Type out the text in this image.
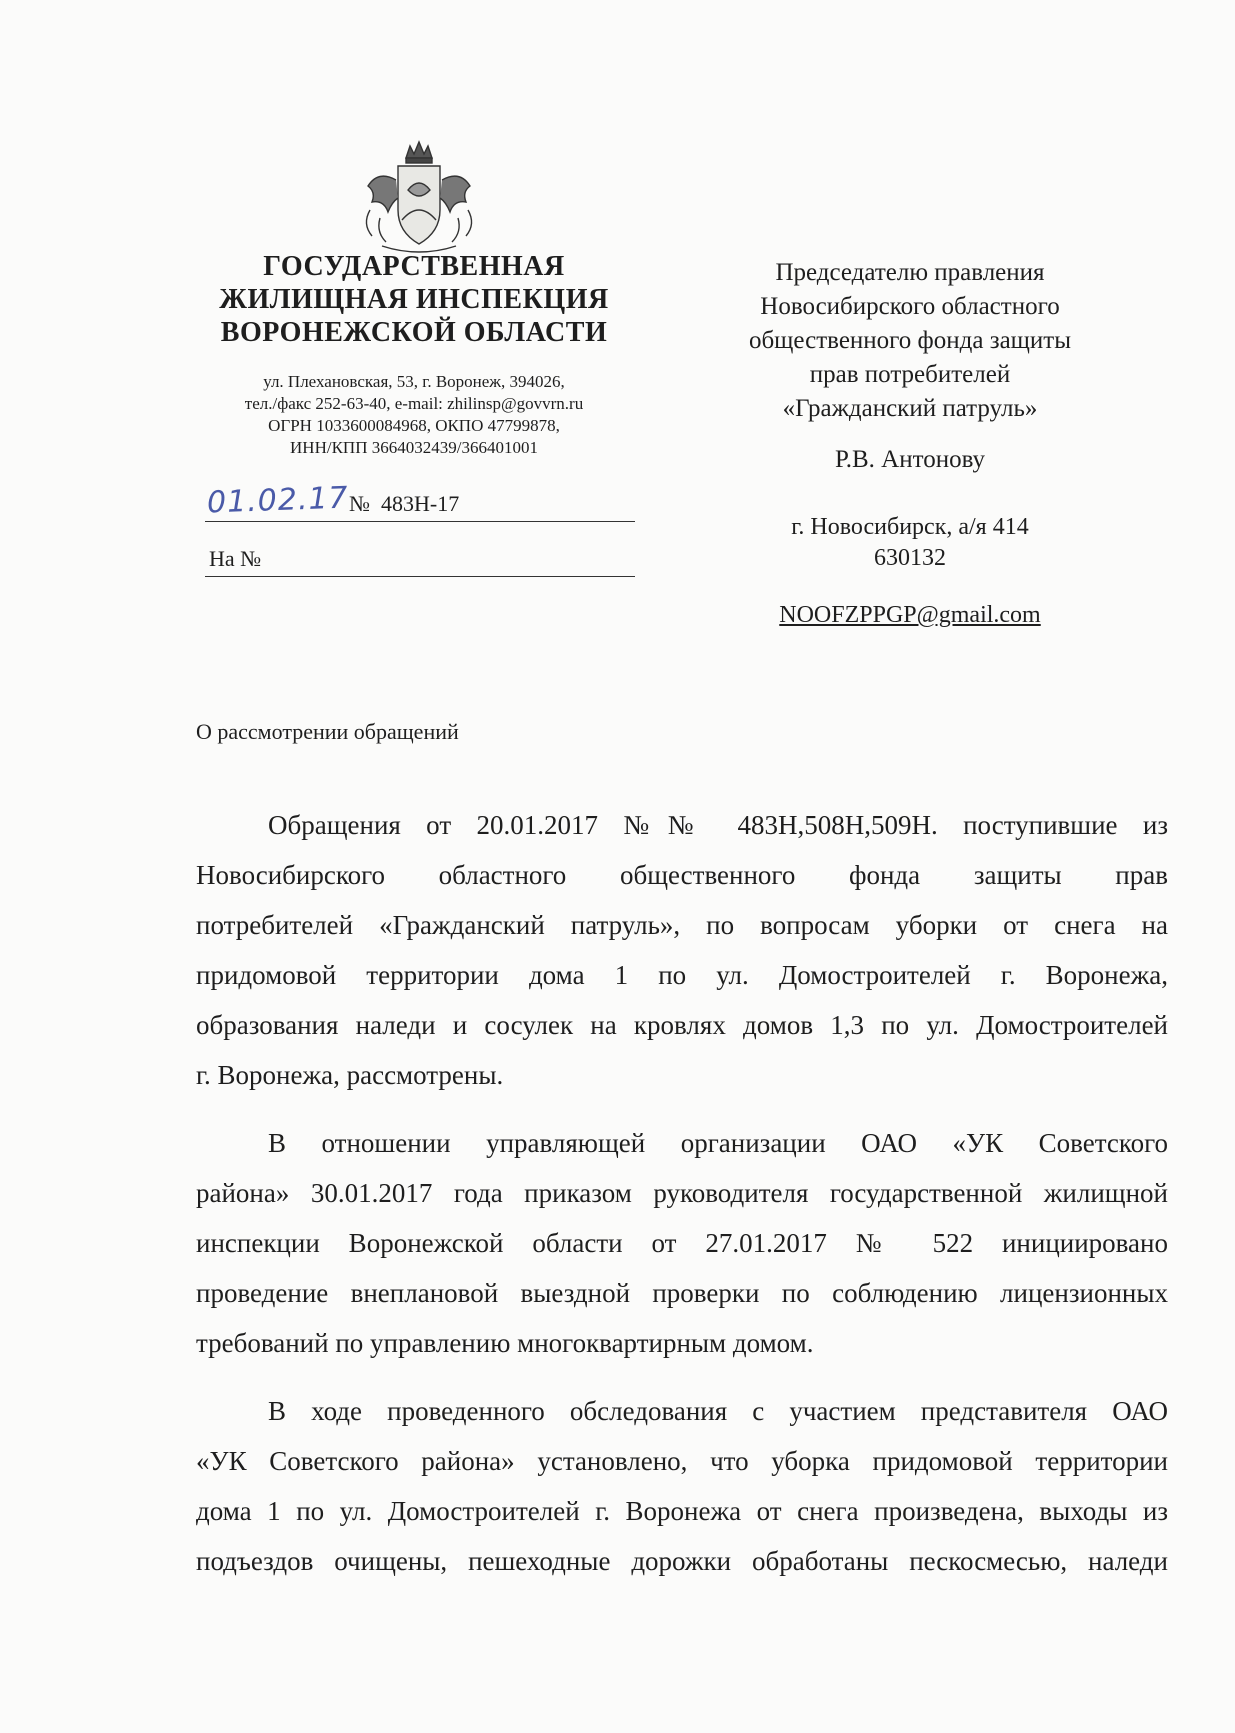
ГОСУДАРСТВЕННАЯ
ЖИЛИЩНАЯ ИНСПЕКЦИЯ
ВОРОНЕЖСКОЙ ОБЛАСТИ
ул. Плехановская, 53, г. Воронеж, 394026,
тел./факс 252-63-40, e-mail: zhilinsp@govvrn.ru
ОГРН 1033600084968, ОКПО 47799878,
ИНН/КПП 3664032439/366401001
01.02.17 № 483Н-17
На №
Председателю правления
Новосибирского областного
общественного фонда защиты
прав потребителей
«Гражданский патруль»
Р.В. Антонову
г. Новосибирск, а/я 414
630132
NOOFZPPGP@gmail.com
О рассмотрении обращений
Обращения от 20.01.2017 №№ 483Н,508Н,509Н. поступившие из
Новосибирского областного общественного фонда защиты прав
потребителей «Гражданский патруль», по вопросам уборки от снега на
придомовой территории дома 1 по ул. Домостроителей г. Воронежа,
образования наледи и сосулек на кровлях домов 1,3 по ул. Домостроителей
г. Воронежа, рассмотрены.
В отношении управляющей организации ОАО «УК Советского
района» 30.01.2017 года приказом руководителя государственной жилищной
инспекции Воронежской области от 27.01.2017 № 522 инициировано
проведение внеплановой выездной проверки по соблюдению лицензионных
требований по управлению многоквартирным домом.
В ходе проведенного обследования с участием представителя ОАО
«УК Советского района» установлено, что уборка придомовой территории
дома 1 по ул. Домостроителей г. Воронежа от снега произведена, выходы из
подъездов очищены, пешеходные дорожки обработаны пескосмесью, наледи
